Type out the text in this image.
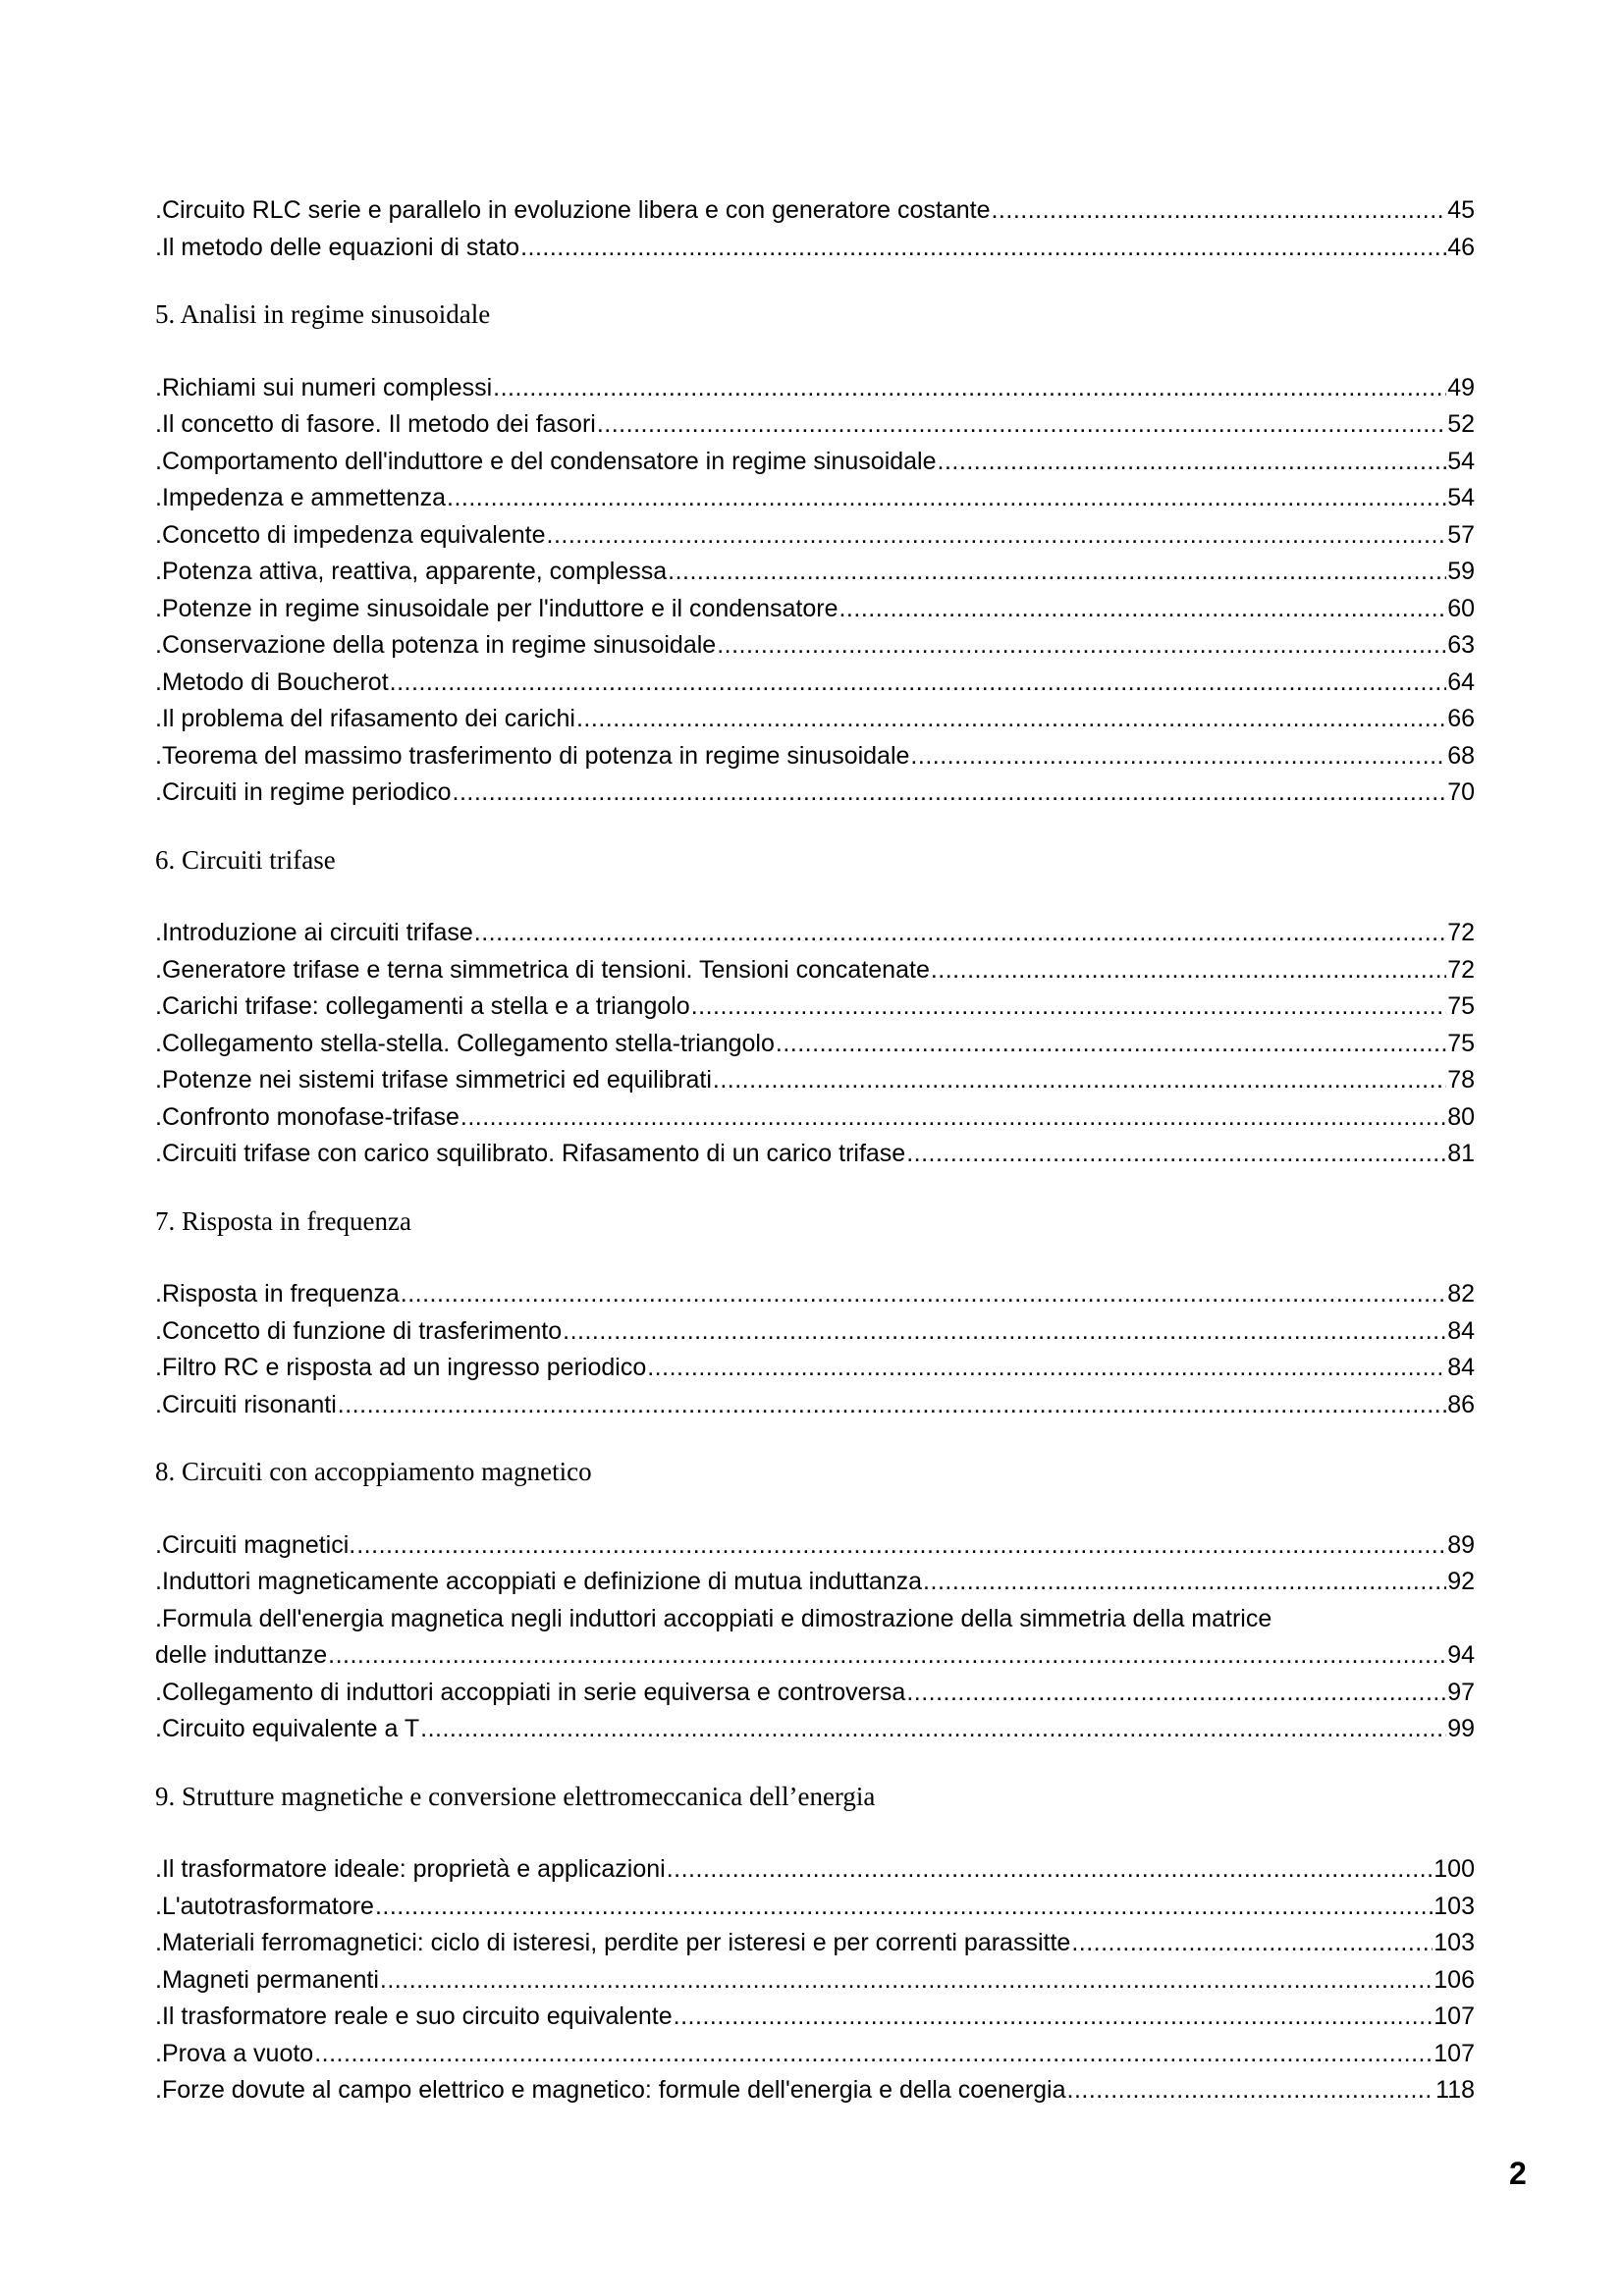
.Circuito RLC serie e parallelo in evoluzione libera e con generatore costante .....	45
.Il metodo delle equazioni di stato .....	46
5. Analisi in regime sinusoidale
.Richiami sui numeri complessi .....	49
.Il concetto di fasore. Il metodo dei fasori .....	52
.Comportamento dell'induttore e del condensatore in regime sinusoidale .....	54
.Impedenza e ammettenza .....	54
.Concetto di impedenza equivalente .....	57
.Potenza attiva, reattiva, apparente, complessa .....	59
.Potenze in regime sinusoidale per l'induttore e il condensatore .....	60
.Conservazione della potenza in regime sinusoidale .....	63
.Metodo di Boucherot .....	64
.Il problema del rifasamento dei carichi .....	66
.Teorema del massimo trasferimento di potenza in regime sinusoidale .....	68
.Circuiti in regime periodico .....	70
6. Circuiti trifase
.Introduzione ai circuiti trifase .....	72
.Generatore trifase e terna simmetrica di tensioni. Tensioni concatenate .....	72
.Carichi trifase: collegamenti a stella e a triangolo .....	75
.Collegamento stella-stella. Collegamento stella-triangolo .....	75
.Potenze nei sistemi trifase simmetrici ed equilibrati .....	78
.Confronto monofase-trifase .....	80
.Circuiti trifase con carico squilibrato. Rifasamento di un carico trifase .....	81
7. Risposta in frequenza
.Risposta in frequenza .....	82
.Concetto di funzione di trasferimento .....	84
.Filtro RC e risposta ad un ingresso periodico .....	84
.Circuiti risonanti .....	86
8. Circuiti con accoppiamento magnetico
.Circuiti magnetici. .....	89
.Induttori magneticamente accoppiati e definizione di mutua induttanza .....	92
.Formula dell'energia magnetica negli induttori accoppiati e dimostrazione della simmetria della matrice
delle induttanze .....	94
.Collegamento di induttori accoppiati in serie equiversa e controversa .....	97
.Circuito equivalente a T .....	99
9. Strutture magnetiche e conversione elettromeccanica dell’energia
.Il trasformatore ideale: proprietà e applicazioni .....	100
.L'autotrasformatore .....	103
.Materiali ferromagnetici: ciclo di isteresi, perdite per isteresi e per correnti parassitte .....	103
.Magneti permanenti .....	106
.Il trasformatore reale e suo circuito equivalente .....	107
.Prova a vuoto .....	107
.Forze dovute al campo elettrico e magnetico: formule dell'energia e della coenergia .....	118
2
